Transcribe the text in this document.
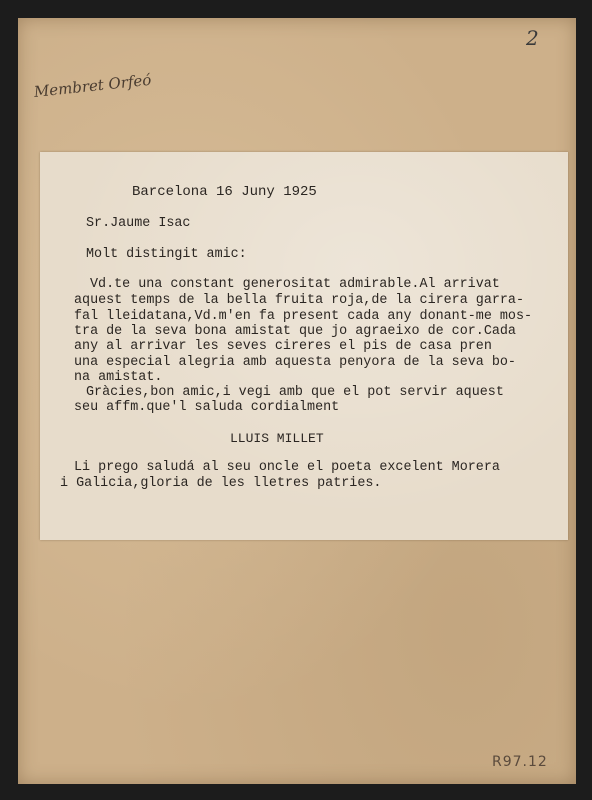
2
Membret Orfeó
Barcelona 16 Juny 1925
Sr.Jaume Isac
Molt distingit amic:
Vd.te una constant generositat admirable.Al arrivat
aquest temps de la bella fruita roja,de la cirera garra-
fal lleidatana,Vd.m'en fa present cada any donant-me mos-
tra de la seva bona amistat que jo agraeixo de cor.Cada
any al arrivar les seves cireres el pis de casa pren
una especial alegria amb aquesta penyora de la seva bo-
na amistat.
Gràcies,bon amic,i vegi amb que el pot servir aquest
seu affm.que'l saluda cordialment
LLUIS MILLET
Li prego saludá al seu oncle el poeta excelent Morera
i Galicia,gloria de les lletres patries.
R97.12
